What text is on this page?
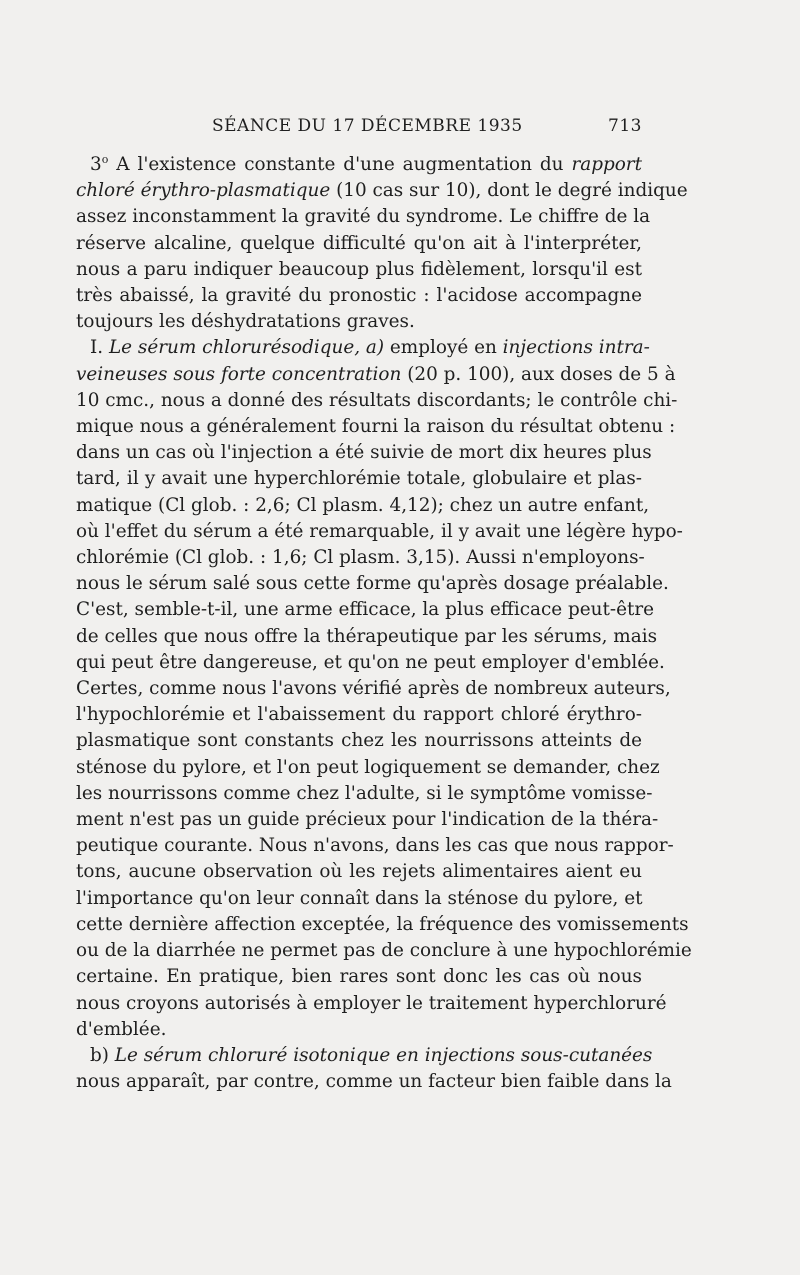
SÉANCE DU 17 DÉCEMBRE 1935	713
3$^o$ A l'existence constante d'une augmentation du rapport
chloré érythro-plasmatique (10 cas sur 10), dont le degré indique
assez inconstamment la gravité du syndrome. Le chiffre de la
réserve alcaline, quelque difficulté qu'on ait à l'interpréter,
nous a paru indiquer beaucoup plus fidèlement, lorsqu'il est
très abaissé, la gravité du pronostic : l'acidose accompagne
toujours les déshydratations graves.
I. Le sérum chlorurésodique, a) employé en injections intra-
veineuses sous forte concentration (20 p. 100), aux doses de 5 à
10 cmc., nous a donné des résultats discordants; le contrôle chi-
mique nous a généralement fourni la raison du résultat obtenu :
dans un cas où l'injection a été suivie de mort dix heures plus
tard, il y avait une hyperchlorémie totale, globulaire et plas-
matique (Cl glob. : 2,6; Cl plasm. 4,12); chez un autre enfant,
où l'effet du sérum a été remarquable, il y avait une légère hypo-
chlorémie (Cl glob. : 1,6; Cl plasm. 3,15). Aussi n'employons-
nous le sérum salé sous cette forme qu'après dosage préalable.
C'est, semble-t-il, une arme efficace, la plus efficace peut-être
de celles que nous offre la thérapeutique par les sérums, mais
qui peut être dangereuse, et qu'on ne peut employer d'emblée.
Certes, comme nous l'avons vérifié après de nombreux auteurs,
l'hypochlorémie et l'abaissement du rapport chloré érythro-
plasmatique sont constants chez les nourrissons atteints de
sténose du pylore, et l'on peut logiquement se demander, chez
les nourrissons comme chez l'adulte, si le symptôme vomisse-
ment n'est pas un guide précieux pour l'indication de la théra-
peutique courante. Nous n'avons, dans les cas que nous rappor-
tons, aucune observation où les rejets alimentaires aient eu
l'importance qu'on leur connaît dans la sténose du pylore, et
cette dernière affection exceptée, la fréquence des vomissements
ou de la diarrhée ne permet pas de conclure à une hypochlorémie
certaine. En pratique, bien rares sont donc les cas où nous
nous croyons autorisés à employer le traitement hyperchloruré
d'emblée.
b) Le sérum chloruré isotonique en injections sous-cutanées
nous apparaît, par contre, comme un facteur bien faible dans la
